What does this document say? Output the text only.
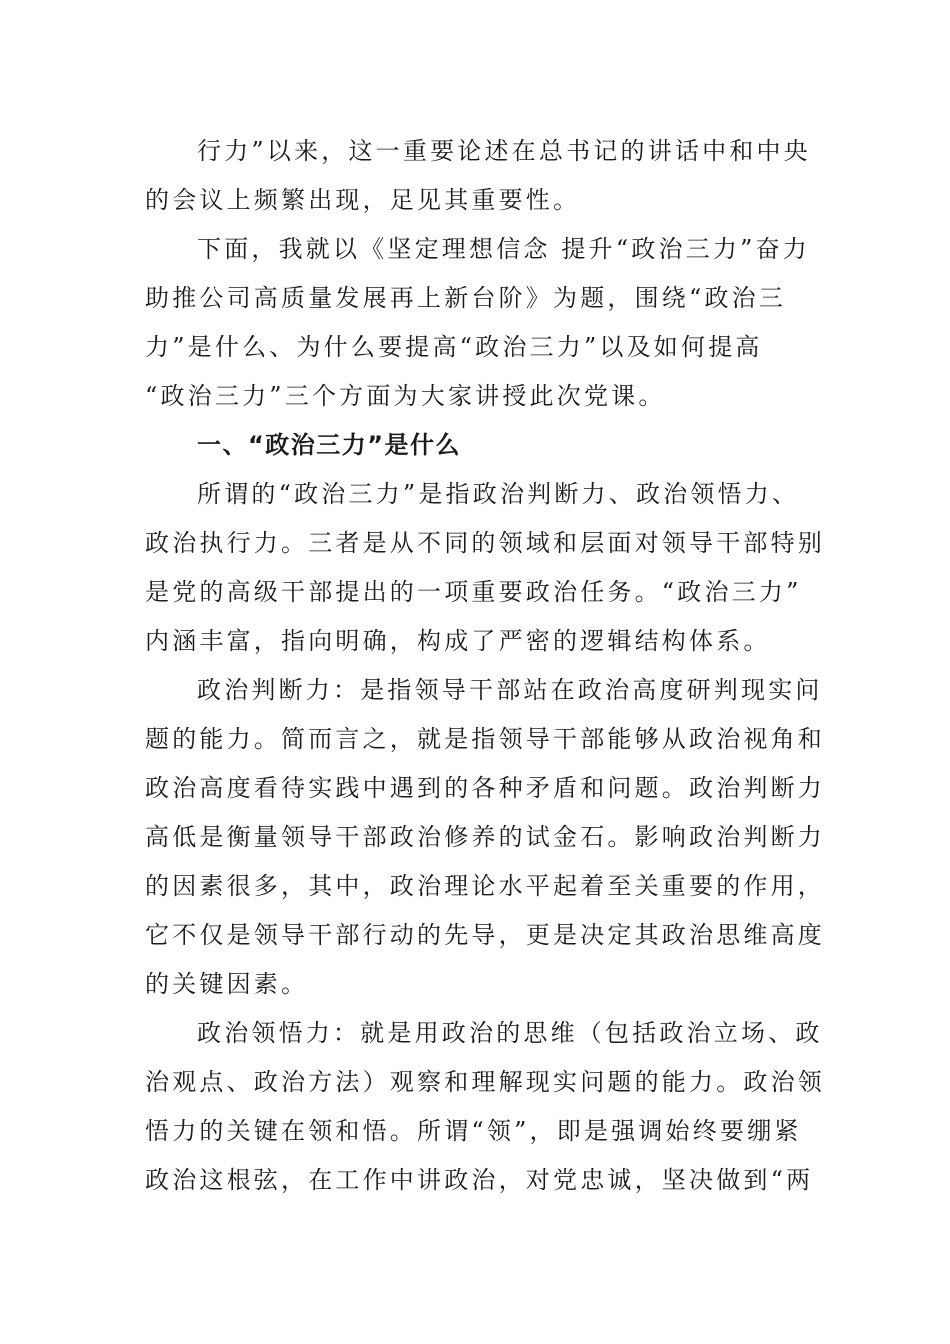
行力”以来，这一重要论述在总书记的讲话中和中央
的会议上频繁出现，足见其重要性。
下面，我就以《坚定理想信念 提升“政治三力”奋力
助推公司高质量发展再上新台阶》为题，围绕“政治三
力”是什么、为什么要提高“政治三力”以及如何提高
“政治三力”三个方面为大家讲授此次党课。
一、“政治三力”是什么
所谓的“政治三力”是指政治判断力、政治领悟力、
政治执行力。三者是从不同的领域和层面对领导干部特别
是党的高级干部提出的一项重要政治任务。“政治三力”
内涵丰富，指向明确，构成了严密的逻辑结构体系。
政治判断力：是指领导干部站在政治高度研判现实问
题的能力。简而言之，就是指领导干部能够从政治视角和
政治高度看待实践中遇到的各种矛盾和问题。政治判断力
高低是衡量领导干部政治修养的试金石。影响政治判断力
的因素很多，其中，政治理论水平起着至关重要的作用，
它不仅是领导干部行动的先导，更是决定其政治思维高度
的关键因素。
政治领悟力：就是用政治的思维（包括政治立场、政
治观点、政治方法）观察和理解现实问题的能力。政治领
悟力的关键在领和悟。所谓“领”，即是强调始终要绷紧
政治这根弦，在工作中讲政治，对党忠诚，坚决做到“两
